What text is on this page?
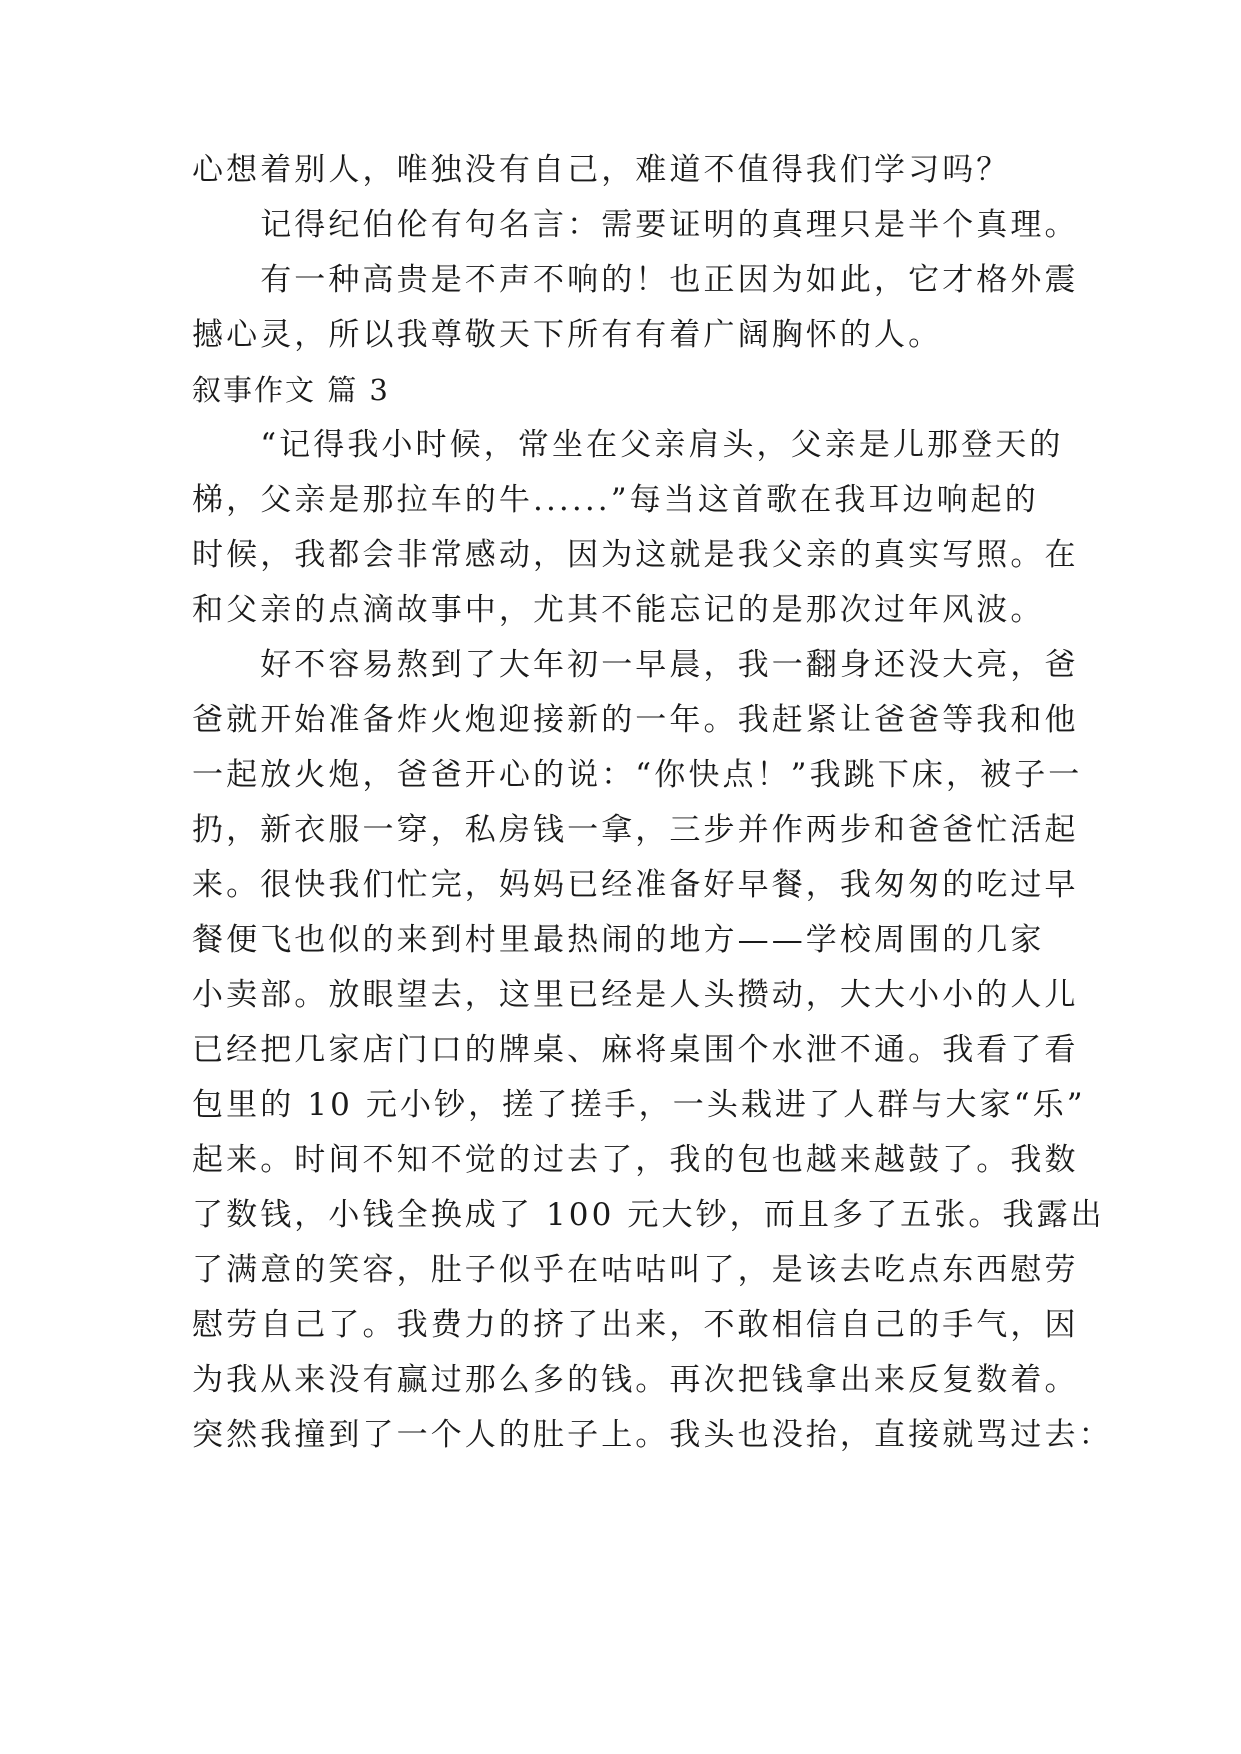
心想着别人，唯独没有自己，难道不值得我们学习吗？
　　记得纪伯伦有句名言：需要证明的真理只是半个真理。
　　有一种高贵是不声不响的！也正因为如此，它才格外震
撼心灵，所以我尊敬天下所有有着广阔胸怀的人。
叙事作文 篇 3
　　“记得我小时候，常坐在父亲肩头，父亲是儿那登天的
梯，父亲是那拉车的牛......”每当这首歌在我耳边响起的
时候，我都会非常感动，因为这就是我父亲的真实写照。在
和父亲的点滴故事中，尤其不能忘记的是那次过年风波。
　　好不容易熬到了大年初一早晨，我一翻身还没大亮，爸
爸就开始准备炸火炮迎接新的一年。我赶紧让爸爸等我和他
一起放火炮，爸爸开心的说：“你快点！”我跳下床，被子一
扔，新衣服一穿，私房钱一拿，三步并作两步和爸爸忙活起
来。很快我们忙完，妈妈已经准备好早餐，我匆匆的吃过早
餐便飞也似的来到村里最热闹的地方——学校周围的几家
小卖部。放眼望去，这里已经是人头攒动，大大小小的人儿
已经把几家店门口的牌桌、麻将桌围个水泄不通。我看了看
包里的 10 元小钞，搓了搓手，一头栽进了人群与大家“乐”
起来。时间不知不觉的过去了，我的包也越来越鼓了。我数
了数钱，小钱全换成了 100 元大钞，而且多了五张。我露出
了满意的笑容，肚子似乎在咕咕叫了，是该去吃点东西慰劳
慰劳自己了。我费力的挤了出来，不敢相信自己的手气，因
为我从来没有赢过那么多的钱。再次把钱拿出来反复数着。
突然我撞到了一个人的肚子上。我头也没抬，直接就骂过去：
